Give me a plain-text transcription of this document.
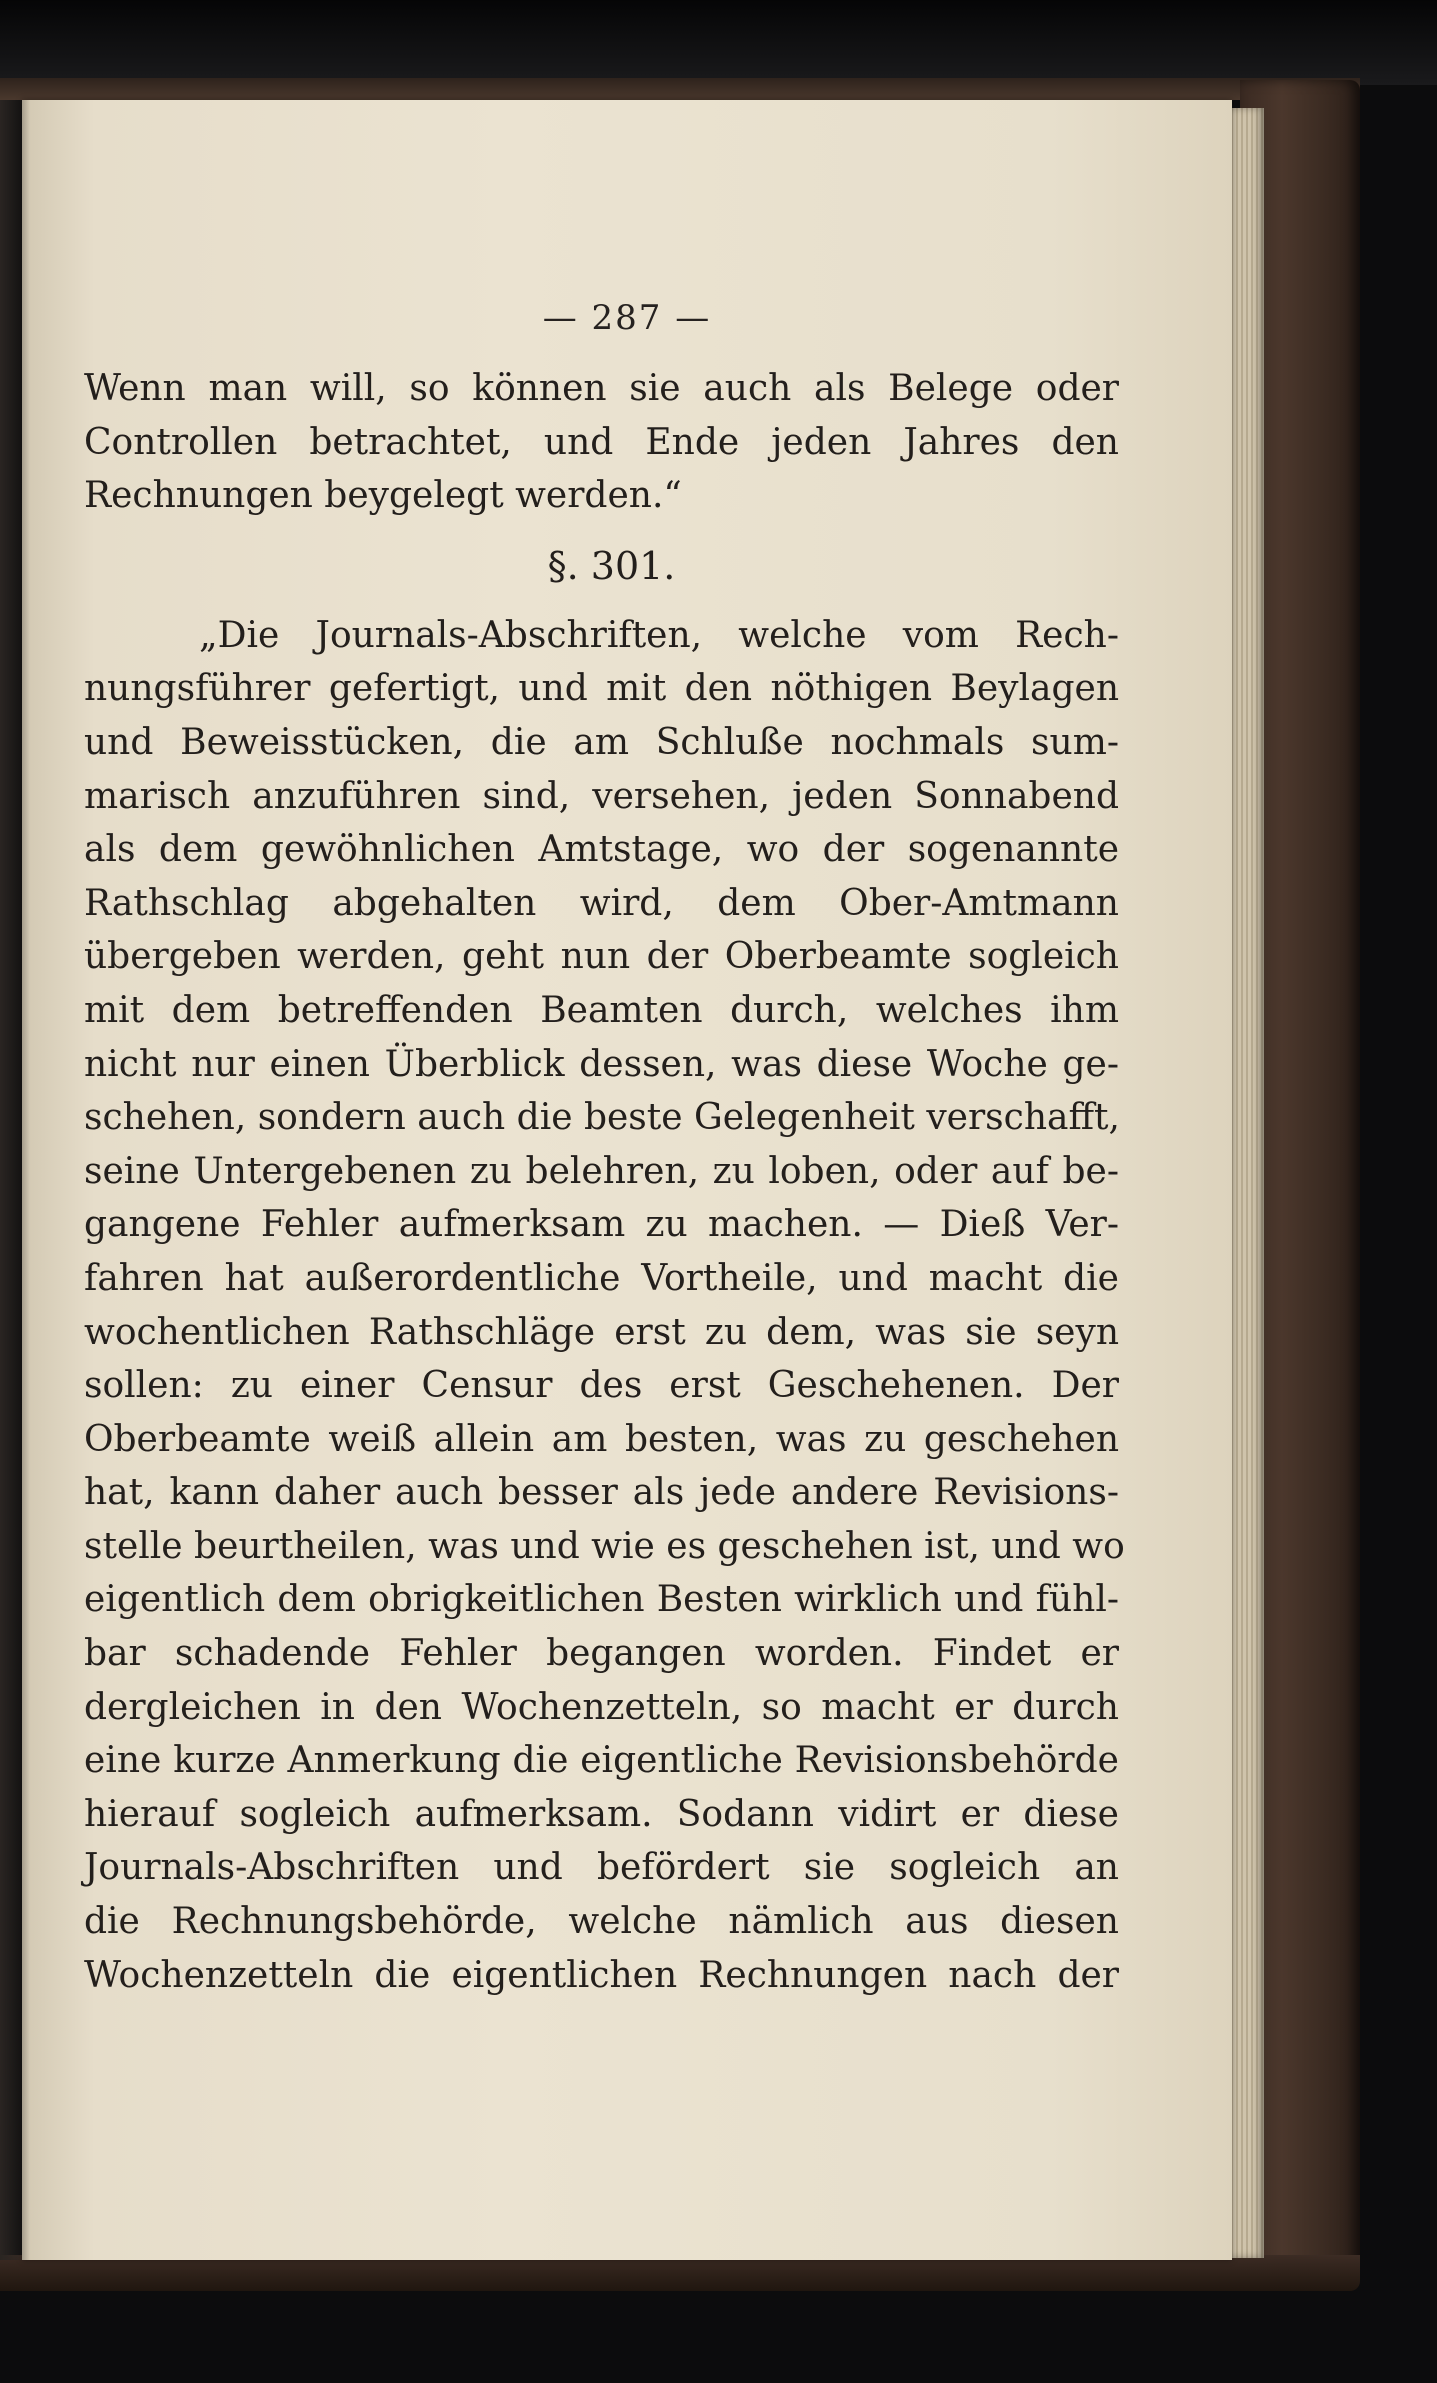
— 287 —
Wenn man will, so können sie auch als Belege oder
Controllen betrachtet, und Ende jeden Jahres den
Rechnungen beygelegt werden.“
§. 301.
„Die Journals-Abschriften, welche vom Rech-
nungsführer gefertigt, und mit den nöthigen Beylagen
und Beweisstücken, die am Schluße nochmals sum-
marisch anzuführen sind, versehen, jeden Sonnabend
als dem gewöhnlichen Amtstage, wo der sogenannte
Rathschlag abgehalten wird, dem Ober-Amtmann
übergeben werden, geht nun der Oberbeamte sogleich
mit dem betreffenden Beamten durch, welches ihm
nicht nur einen Überblick dessen, was diese Woche ge-
schehen, sondern auch die beste Gelegenheit verschafft,
seine Untergebenen zu belehren, zu loben, oder auf be-
gangene Fehler aufmerksam zu machen. — Dieß Ver-
fahren hat außerordentliche Vortheile, und macht die
wochentlichen Rathschläge erst zu dem, was sie seyn
sollen: zu einer Censur des erst Geschehenen. Der
Oberbeamte weiß allein am besten, was zu geschehen
hat, kann daher auch besser als jede andere Revisions-
stelle beurtheilen, was und wie es geschehen ist, und wo
eigentlich dem obrigkeitlichen Besten wirklich und fühl-
bar schadende Fehler begangen worden. Findet er
dergleichen in den Wochenzetteln, so macht er durch
eine kurze Anmerkung die eigentliche Revisionsbehörde
hierauf sogleich aufmerksam. Sodann vidirt er diese
Journals-Abschriften und befördert sie sogleich an
die Rechnungsbehörde, welche nämlich aus diesen
Wochenzetteln die eigentlichen Rechnungen nach der
